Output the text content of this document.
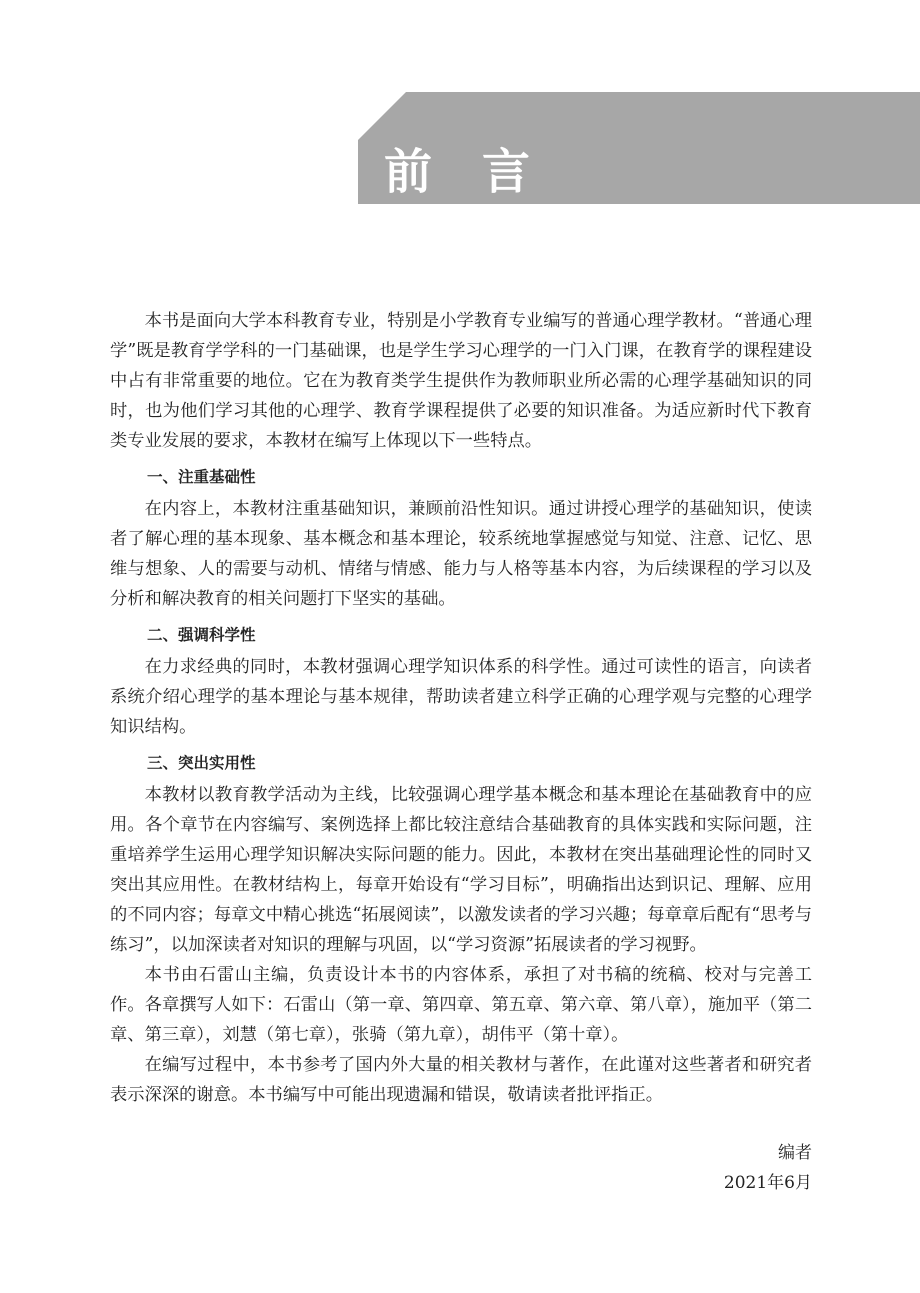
前言

本书是面向大学本科教育专业，特别是小学教育专业编写的普通心理学教材。“普通心理学”既是教育学学科的一门基础课，也是学生学习心理学的一门入门课，在教育学的课程建设中占有非常重要的地位。它在为教育类学生提供作为教师职业所必需的心理学基础知识的同时，也为他们学习其他的心理学、教育学课程提供了必要的知识准备。为适应新时代下教育类专业发展的要求，本教材在编写上体现以下一些特点。

一、注重基础性

在内容上，本教材注重基础知识，兼顾前沿性知识。通过讲授心理学的基础知识，使读者了解心理的基本现象、基本概念和基本理论，较系统地掌握感觉与知觉、注意、记忆、思维与想象、人的需要与动机、情绪与情感、能力与人格等基本内容，为后续课程的学习以及分析和解决教育的相关问题打下坚实的基础。

二、强调科学性

在力求经典的同时，本教材强调心理学知识体系的科学性。通过可读性的语言，向读者系统介绍心理学的基本理论与基本规律，帮助读者建立科学正确的心理学观与完整的心理学知识结构。

三、突出实用性

本教材以教育教学活动为主线，比较强调心理学基本概念和基本理论在基础教育中的应用。各个章节在内容编写、案例选择上都比较注意结合基础教育的具体实践和实际问题，注重培养学生运用心理学知识解决实际问题的能力。因此，本教材在突出基础理论性的同时又突出其应用性。在教材结构上，每章开始设有“学习目标”，明确指出达到识记、理解、应用的不同内容；每章文中精心挑选“拓展阅读”，以激发读者的学习兴趣；每章章后配有“思考与练习”，以加深读者对知识的理解与巩固，以“学习资源”拓展读者的学习视野。

本书由石雷山主编，负责设计本书的内容体系，承担了对书稿的统稿、校对与完善工作。各章撰写人如下：石雷山（第一章、第四章、第五章、第六章、第八章），施加平（第二章、第三章），刘慧（第七章），张骑（第九章），胡伟平（第十章）。

在编写过程中，本书参考了国内外大量的相关教材与著作，在此谨对这些著者和研究者表示深深的谢意。本书编写中可能出现遗漏和错误，敬请读者批评指正。

编者
2021年6月
